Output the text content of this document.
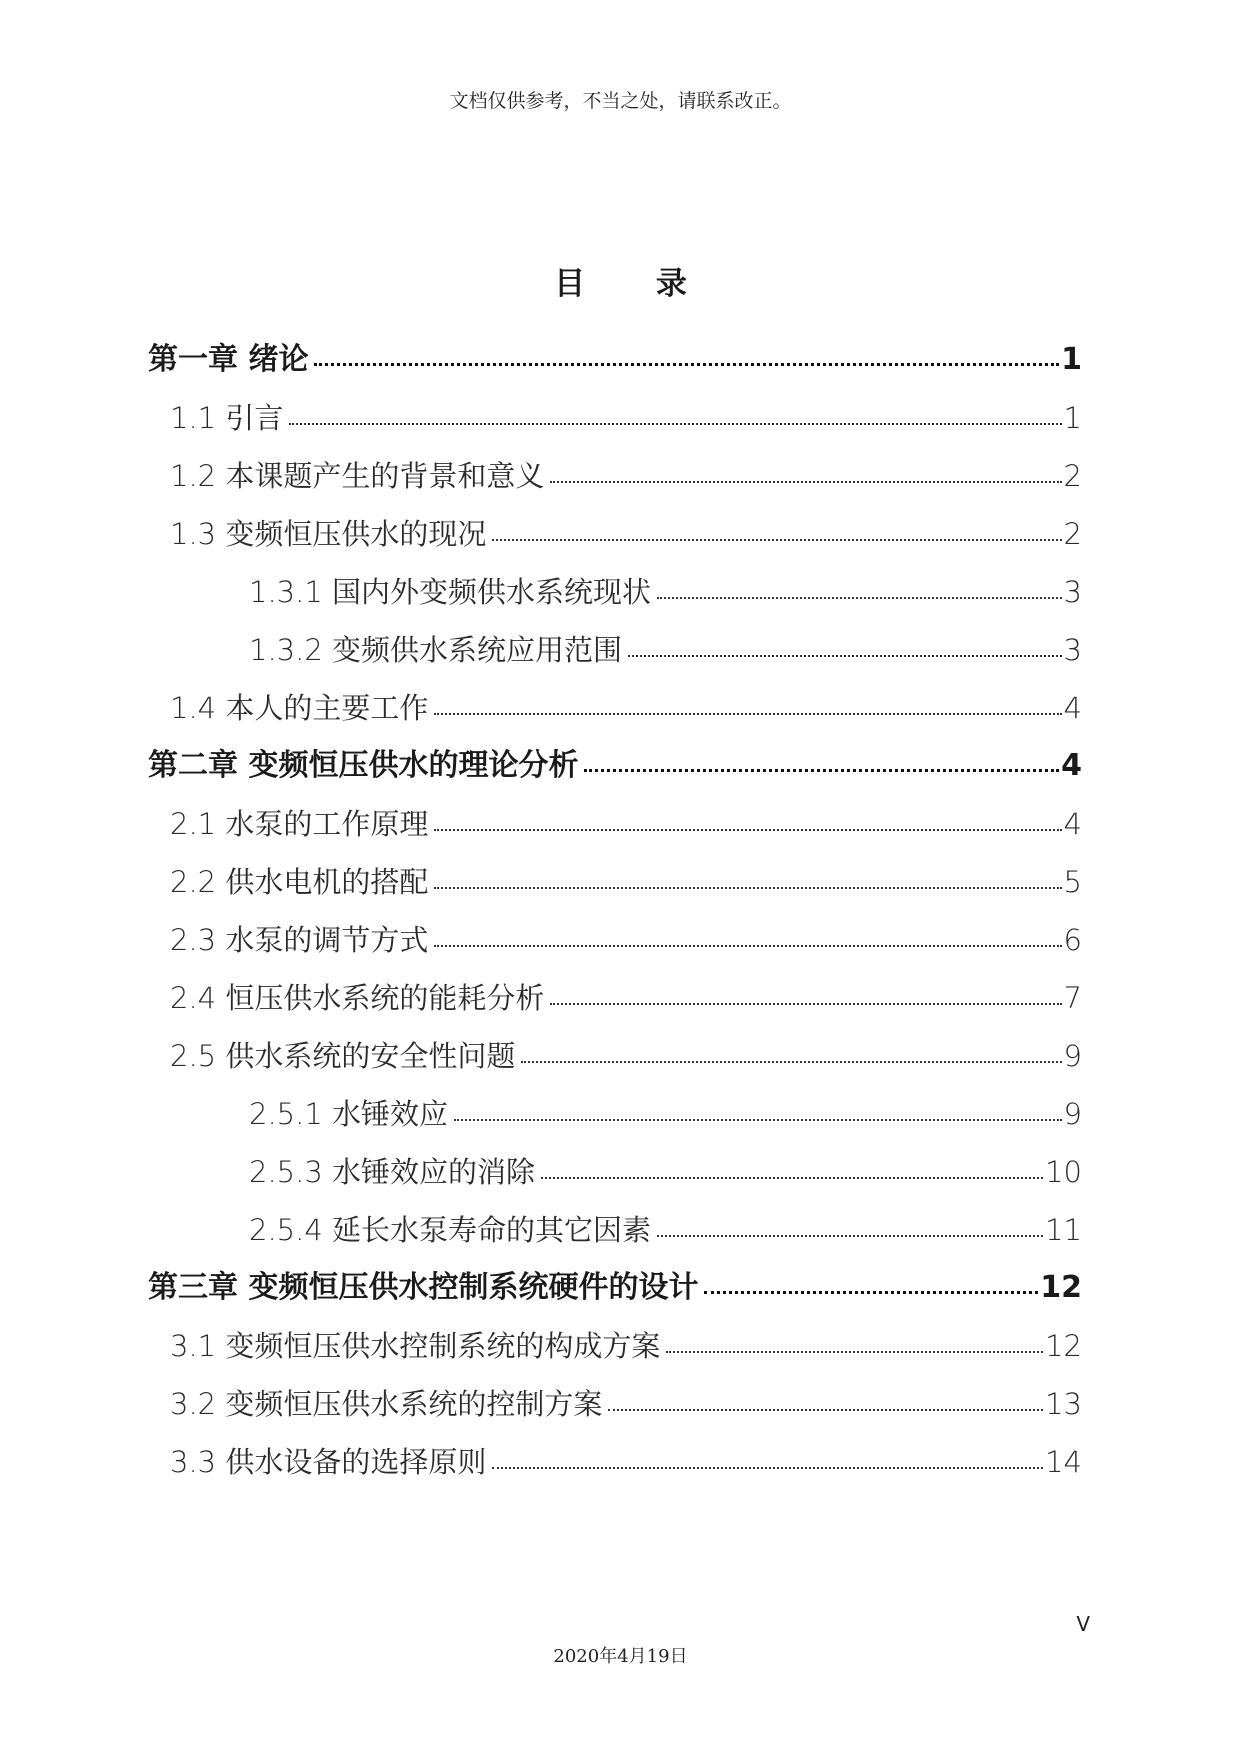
文档仅供参考，不当之处，请联系改正。
目 录
第一章 绪论	1
1.1 引言	1
1.2 本课题产生的背景和意义	2
1.3 变频恒压供水的现况	2
1.3.1 国内外变频供水系统现状	3
1.3.2 变频供水系统应用范围	3
1.4 本人的主要工作	4
第二章 变频恒压供水的理论分析	4
2.1 水泵的工作原理	4
2.2 供水电机的搭配	5
2.3 水泵的调节方式	6
2.4 恒压供水系统的能耗分析	7
2.5 供水系统的安全性问题	9
2.5.1 水锤效应	9
2.5.3 水锤效应的消除	10
2.5.4 延长水泵寿命的其它因素	11
第三章 变频恒压供水控制系统硬件的设计	12
3.1 变频恒压供水控制系统的构成方案	12
3.2 变频恒压供水系统的控制方案	13
3.3 供水设备的选择原则	14
V
2020年4月19日
